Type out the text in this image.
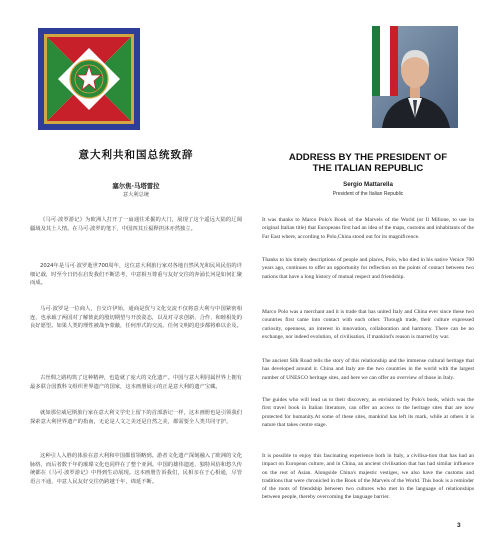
意大利共和国总统致辞
塞尔焦·马塔雷拉
意大利总统

《马可·波罗游记》为欧洲人打开了一扇通往釆掘的大门，展现了这个遥远大陆的辽阔疆域及其土人情。在马可·波罗的笔下，中国四其丘福释担沐亦然独立。

2024年是马可·波罗逝世700周年，这位意大利旅行家对各地自然风光和民风民俗的详细记载，时至今日仍在启发我们不断思考，中意相互尊重与友好交往的奔涌长河是如何汇聚而成。

马可·波罗是一位商人，自交许伊始，通商是贸与文化交流不仅将意大利与中国紧密相连，也承载了两国对了解彼此的殷切期望与开放姿态，以及对寻求创新、合作、和睦相处的良好愿望。如果人类的理性被战争蒙蔽，任何形式的交流、任何文明的进步都将难以企及。

古丝绸之路构筑了这种精神，也造就了庞大的文化遗产。中国与意大利同属世界上拥有最多联合国教科文组织世界遗产的国家，这本画册展示的正是意大利的遗产宝藏。

就如那位威尼斯旅行家在意大利文学史上留下的首部游记一样，这本画册也是引领我们探索意大利世界遗产的指南，无论是人文之美还是自然之美，都需要全人类共同守护。

这种引人入胜的体验在意大利和中国都留领略到。游者文化遗产深刻融入了欧洲的文化脉络，而后者数千年的璀璨文化也同样在了整个亚洲。中国的雄伟遗迹、独特风俗和悠久传统都在《马可·波罗游记》中得到生动展现。这本画册告诉我们，民相亲在于心相通，尽管语言不通，中意人民友好交往仍跨越千年，绵延不断。

ADDRESS BY THE PRESIDENT OF
THE ITALIAN REPUBLIC
Sergio Mattarella
President of the Italian Republic

It was thanks to Marco Polo's Book of the Marvels of the World (or Il Milione, to use its original Italian title) that Europeans first had an idea of the maps, customs and inhabitants of the Far East where, according to Polo,China stood out for its magnificence.

Thanks to his timely descriptions of people and places, Polo, who died in his native Venice 700 years ago, continues to offer an opportunity for reflection on the points of contact between two nations that have a long history of mutual respect and friendship.

Marco Polo was a merchant and it is trade that has united Italy and China ever since these two countries first came into contact with each other. Through trade, their culture expressed curiosity, openness, an interest in innovation, collaboration and harmony. There can be no exchange, nor indeed evolution, of civilisation, if mankind's reason is marred by war.

The ancient Silk Road tells the story of this relationship and the immense cultural heritage that has developed around it. China and Italy are the two countries in the world with the largest number of UNESCO heritage sites, and here we can offer an overview of those in Italy.

The guides who will lead us to their discovery, as envisioned by Polo's book, which was the first travel book in Italian literature, can offer an access to the heritage sites that are now protected for humanity.At some of these sites, mankind has left its mark, while at others it is nature that takes centre stage.

It is possible to enjoy this fascinating experience both in Italy, a civilisa-tion that has had an impact on European culture, and in China, an ancient civilisation that has had similar influence on the rest of Asian. Alongside China's majestic vestiges, we also have the customs and traditions that were chronicled in the Book of the Marvels of the World. This book is a reminder of the roots of friendship between two cultures who met in the language of relationships between people, thereby overcoming the language barrier.

3
